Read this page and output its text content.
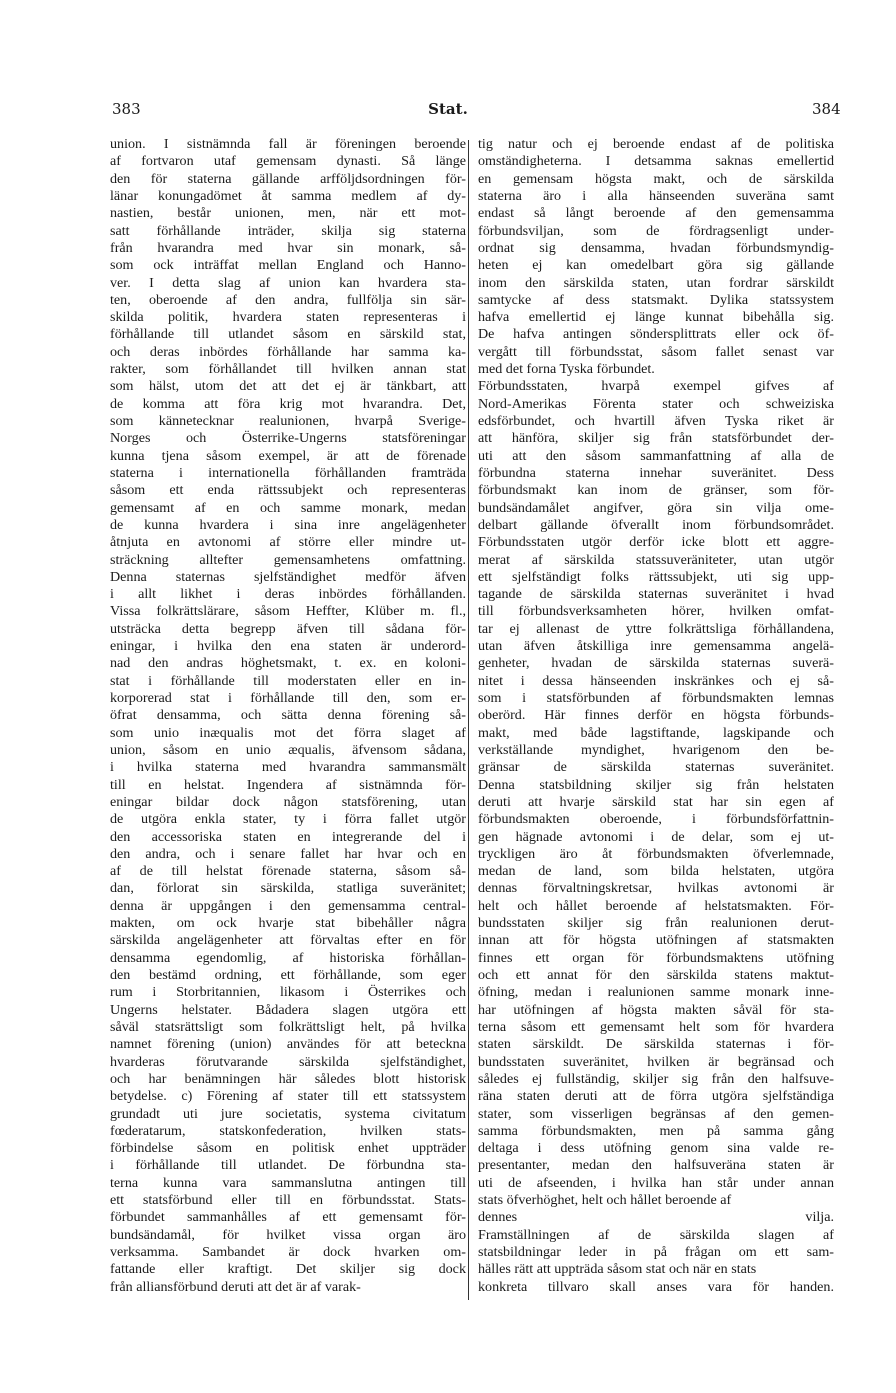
383	Stat.	384

union. I sistnämnda fall är föreningen beroende

af fortvaron utaf gemensam dynasti. Så länge

den för staterna gällande arfföljdsordningen för-

länar konungadömet åt samma medlem af dy-

nastien, består unionen, men, när ett mot-

satt förhållande inträder, skilja sig staterna

från hvarandra med hvar sin monark, så-

som ock inträffat mellan England och Hanno-

ver. I detta slag af union kan hvardera sta-

ten, oberoende af den andra, fullfölja sin sär-

skilda politik, hvardera staten representeras i

förhållande till utlandet såsom en särskild stat,

och deras inbördes förhållande har samma ka-

rakter, som förhållandet till hvilken annan stat

som hälst, utom det att det ej är tänkbart, att

de komma att föra krig mot hvarandra. Det,

som kännetecknar realunionen, hvarpå Sverige-

Norges och Österrike-Ungerns statsföreningar

kunna tjena såsom exempel, är att de förenade

staterna i internationella förhållanden framträda

såsom ett enda rättssubjekt och representeras

gemensamt af en och samme monark, medan

de kunna hvardera i sina inre angelägenheter

åtnjuta en avtonomi af större eller mindre ut-

sträckning alltefter gemensamhetens omfattning.

Denna staternas sjelfständighet medför äfven

i allt likhet i deras inbördes förhållanden.

Vissa folkrättslärare, såsom Heffter, Klüber m. fl.,

utsträcka detta begrepp äfven till sådana för-

eningar, i hvilka den ena staten är underord-

nad den andras höghetsmakt, t. ex. en koloni-

stat i förhållande till moderstaten eller en in-

korporerad stat i förhållande till den, som er-

öfrat densamma, och sätta denna förening så-

som unio inæqualis mot det förra slaget af

union, såsom en unio æqualis, äfvensom sådana,

i hvilka staterna med hvarandra sammansmält

till en helstat. Ingendera af sistnämnda för-

eningar bildar dock någon statsförening, utan

de utgöra enkla stater, ty i förra fallet utgör

den accessoriska staten en integrerande del i

den andra, och i senare fallet har hvar och en

af de till helstat förenade staterna, såsom så-

dan, förlorat sin särskilda, statliga suveränitet;

denna är uppgången i den gemensamma central-

makten, om ock hvarje stat bibehåller några

särskilda angelägenheter att förvaltas efter en för

densamma egendomlig, af historiska förhållan-

den bestämd ordning, ett förhållande, som eger

rum i Storbritannien, likasom i Österrikes och

Ungerns helstater. Bådadera slagen utgöra ett

såväl statsrättsligt som folkrättsligt helt, på hvilka

namnet förening (union) användes för att beteckna

hvarderas förutvarande särskilda sjelfständighet,

och har benämningen här således blott historisk

betydelse. c) Förening af stater till ett statssystem

grundadt uti jure societatis, systema civitatum

fœderatarum, statskonfederation, hvilken stats-

förbindelse såsom en politisk enhet uppträder

i förhållande till utlandet. De förbundna sta-

terna kunna vara sammanslutna antingen till

ett statsförbund eller till en förbundsstat. Stats-

förbundet sammanhålles af ett gemensamt för-

bundsändamål, för hvilket vissa organ äro

verksamma. Sambandet är dock hvarken om-

fattande eller kraftigt. Det skiljer sig dock

från alliansförbund deruti att det är af varak-

tig natur och ej beroende endast af de politiska

omständigheterna. I detsamma saknas emellertid

en gemensam högsta makt, och de särskilda

staterna äro i alla hänseenden suveräna samt

endast så långt beroende af den gemensamma

förbundsviljan, som de fördragsenligt under-

ordnat sig densamma, hvadan förbundsmyndig-

heten ej kan omedelbart göra sig gällande

inom den särskilda staten, utan fordrar särskildt

samtycke af dess statsmakt. Dylika statssystem

hafva emellertid ej länge kunnat bibehålla sig.

De hafva antingen söndersplittrats eller ock öf-

vergått till förbundsstat, såsom fallet senast var

med det forna Tyska förbundet.

Förbundsstaten, hvarpå exempel gifves af

Nord-Amerikas Förenta stater och schweiziska

edsförbundet, och hvartill äfven Tyska riket är

att hänföra, skiljer sig från statsförbundet der-

uti att den såsom sammanfattning af alla de

förbundna staterna innehar suveränitet. Dess

förbundsmakt kan inom de gränser, som för-

bundsändamålet angifver, göra sin vilja ome-

delbart gällande öfverallt inom förbundsområdet.

Förbundsstaten utgör derför icke blott ett aggre-

merat af särskilda statssuveräniteter, utan utgör

ett sjelfständigt folks rättssubjekt, uti sig upp-

tagande de särskilda staternas suveränitet i hvad

till förbundsverksamheten hörer, hvilken omfat-

tar ej allenast de yttre folkrättsliga förhållandena,

utan äfven åtskilliga inre gemensamma angelä-

genheter, hvadan de särskilda staternas suverä-

nitet i dessa hänseenden inskränkes och ej så-

som i statsförbunden af förbundsmakten lemnas

oberörd. Här finnes derför en högsta förbunds-

makt, med både lagstiftande, lagskipande och

verkställande myndighet, hvarigenom den be-

gränsar de särskilda staternas suveränitet.

Denna statsbildning skiljer sig från helstaten

deruti att hvarje särskild stat har sin egen af

förbundsmakten oberoende, i förbundsförfattnin-

gen hägnade avtonomi i de delar, som ej ut-

tryckligen äro åt förbundsmakten öfverlemnade,

medan de land, som bilda helstaten, utgöra

dennas förvaltningskretsar, hvilkas avtonomi är

helt och hållet beroende af helstatsmakten. För-

bundsstaten skiljer sig från realunionen derut-

innan att för högsta utöfningen af statsmakten

finnes ett organ för förbundsmaktens utöfning

och ett annat för den särskilda statens maktut-

öfning, medan i realunionen samme monark inne-

har utöfningen af högsta makten såväl för sta-

terna såsom ett gemensamt helt som för hvardera

staten särskildt. De särskilda staternas i för-

bundsstaten suveränitet, hvilken är begränsad och

således ej fullständig, skiljer sig från den halfsuve-

räna staten deruti att de förra utgöra sjelfständiga

stater, som visserligen begränsas af den gemen-

samma förbundsmakten, men på samma gång

deltaga i dess utöfning genom sina valde re-

presentanter, medan den halfsuveräna staten är

uti de afseenden, i hvilka han står under annan

stats öfverhöghet, helt och hållet beroende af

dennes vilja.

Framställningen af de särskilda slagen af

statsbildningar leder in på frågan om ett sam-

hälles rätt att uppträda såsom stat och när en stats

konkreta tillvaro skall anses vara för handen.
